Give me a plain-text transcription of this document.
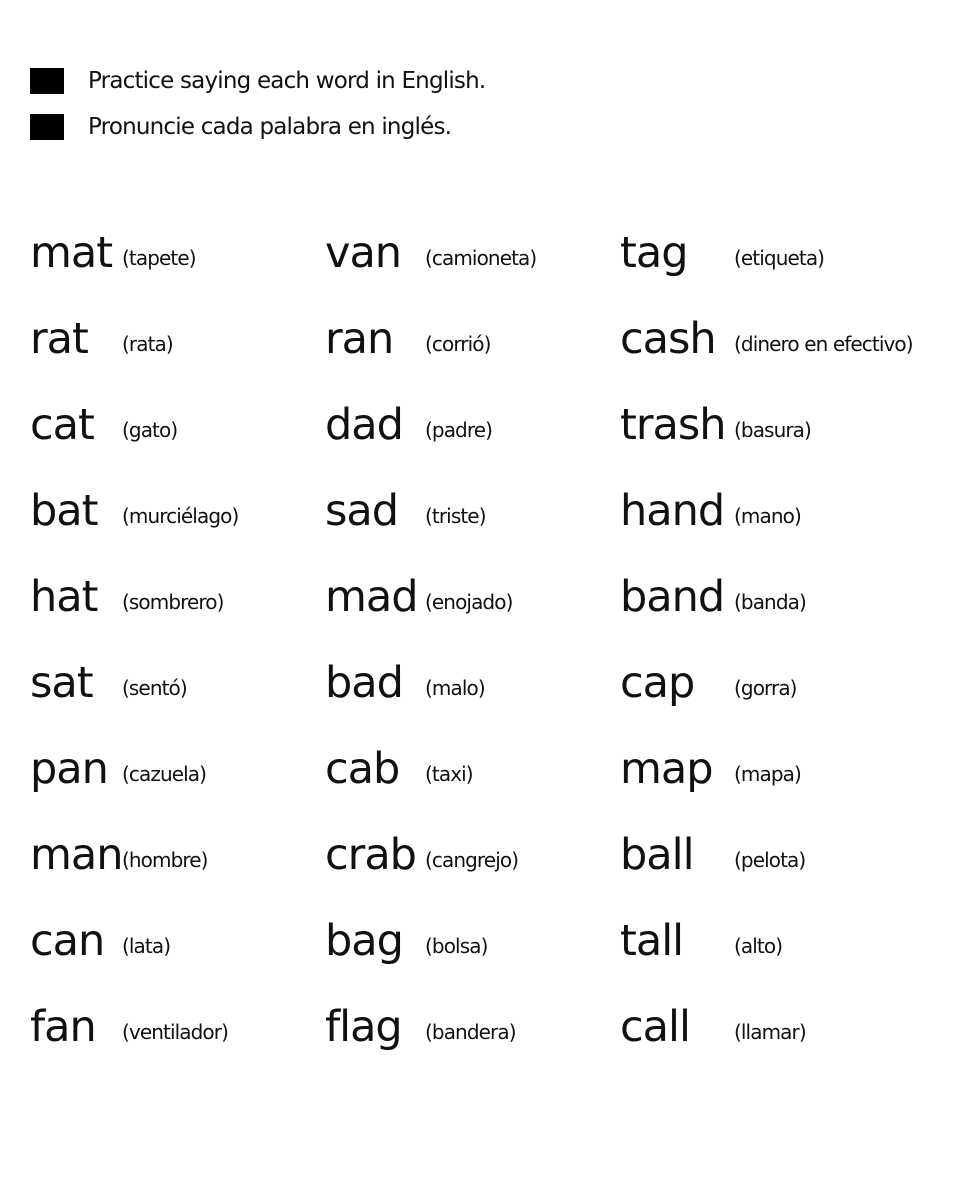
Practice saying each word in English.
Pronuncie cada palabra en inglés.
mat (tapete)
rat	(rata)
cat	(gato)
bat	(murciélago)
hat	(sombrero)
sat	(sentó)
pan (cazuela)
man (hombre)
can (lata)
fan	(ventilador)
van	(camioneta)
ran	(corrió)
dad	(padre)
sad	(triste)
mad (enojado)
bad	(malo)
cab	(taxi)
crab (cangrejo)
bag	(bolsa)
flag	(bandera)
tag	(etiqueta)
cash (dinero en efectivo)
trash (basura)
hand (mano)
band (banda)
cap	(gorra)
map	(mapa)
ball	(pelota)
tall	(alto)
call	(llamar)
